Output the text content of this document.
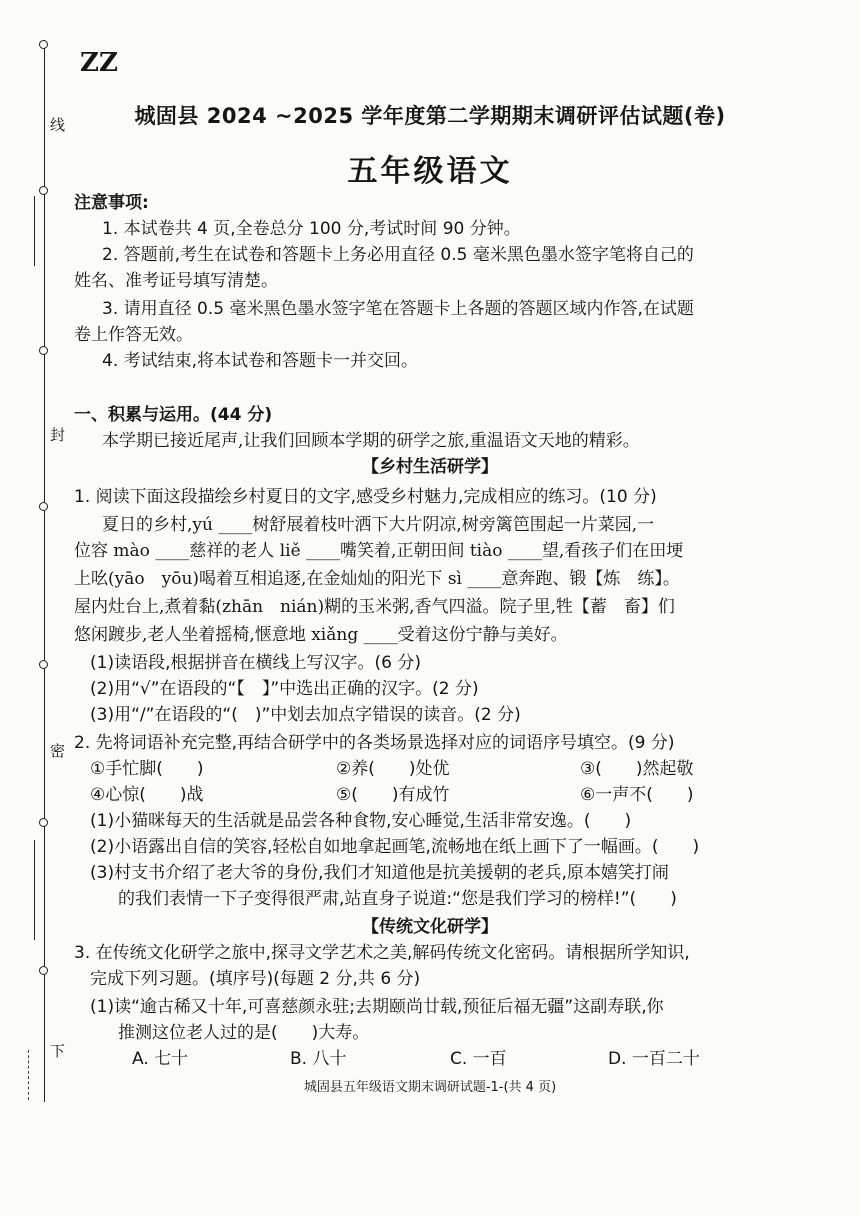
线
封
密
下
ZZ
城固县 2024 ~2025 学年度第二学期期末调研评估试题(卷)
五年级语文
注意事项:
1. 本试卷共 4 页,全卷总分 100 分,考试时间 90 分钟。
2. 答题前,考生在试卷和答题卡上务必用直径 0.5 毫米黑色墨水签字笔将自己的
姓名、准考证号填写清楚。
3. 请用直径 0.5 毫米黑色墨水签字笔在答题卡上各题的答题区域内作答,在试题
卷上作答无效。
4. 考试结束,将本试卷和答题卡一并交回。
一、积累与运用。(44 分)
本学期已接近尾声,让我们回顾本学期的研学之旅,重温语文天地的精彩。
【乡村生活研学】
1. 阅读下面这段描绘乡村夏日的文字,感受乡村魅力,完成相应的练习。(10 分)
夏日的乡村,yú ____树舒展着枝叶洒下大片阴凉,树旁篱笆围起一片菜园,一
位容 mào ____慈祥的老人 liě ____嘴笑着,正朝田间 tiào ____望,看孩子们在田埂
上吆(yāo　yōu)喝着互相追逐,在金灿灿的阳光下 sì ____意奔跑、锻【炼　练】。
屋内灶台上,煮着黏(zhān　nián)糊的玉米粥,香气四溢。院子里,牲【蓄　畜】们
悠闲踱步,老人坐着摇椅,惬意地 xiǎng ____受着这份宁静与美好。
(1)读语段,根据拼音在横线上写汉字。(6 分)
(2)用“√”在语段的“【　】”中选出正确的汉字。(2 分)
(3)用“/”在语段的“(　)”中划去加点字错误的读音。(2 分)
2. 先将词语补充完整,再结合研学中的各类场景选择对应的词语序号填空。(9 分)
①手忙脚(　　)	②养(　　)处优	③(　　)然起敬
④心惊(　　)战	⑤(　　)有成竹	⑥一声不(　　)
(1)小猫咪每天的生活就是品尝各种食物,安心睡觉,生活非常安逸。(　　)
(2)小语露出自信的笑容,轻松自如地拿起画笔,流畅地在纸上画下了一幅画。(　　)
(3)村支书介绍了老大爷的身份,我们才知道他是抗美援朝的老兵,原本嬉笑打闹
的我们表情一下子变得很严肃,站直身子说道:“您是我们学习的榜样!”(　　)
【传统文化研学】
3. 在传统文化研学之旅中,探寻文学艺术之美,解码传统文化密码。请根据所学知识,
完成下列习题。(填序号)(每题 2 分,共 6 分)
(1)读“逾古稀又十年,可喜慈颜永驻;去期颐尚廿载,预征后福无疆”这副寿联,你
推测这位老人过的是(　　)大寿。
A. 七十	B. 八十	C. 一百	D. 一百二十
城固县五年级语文期末调研试题-1-(共 4 页)
